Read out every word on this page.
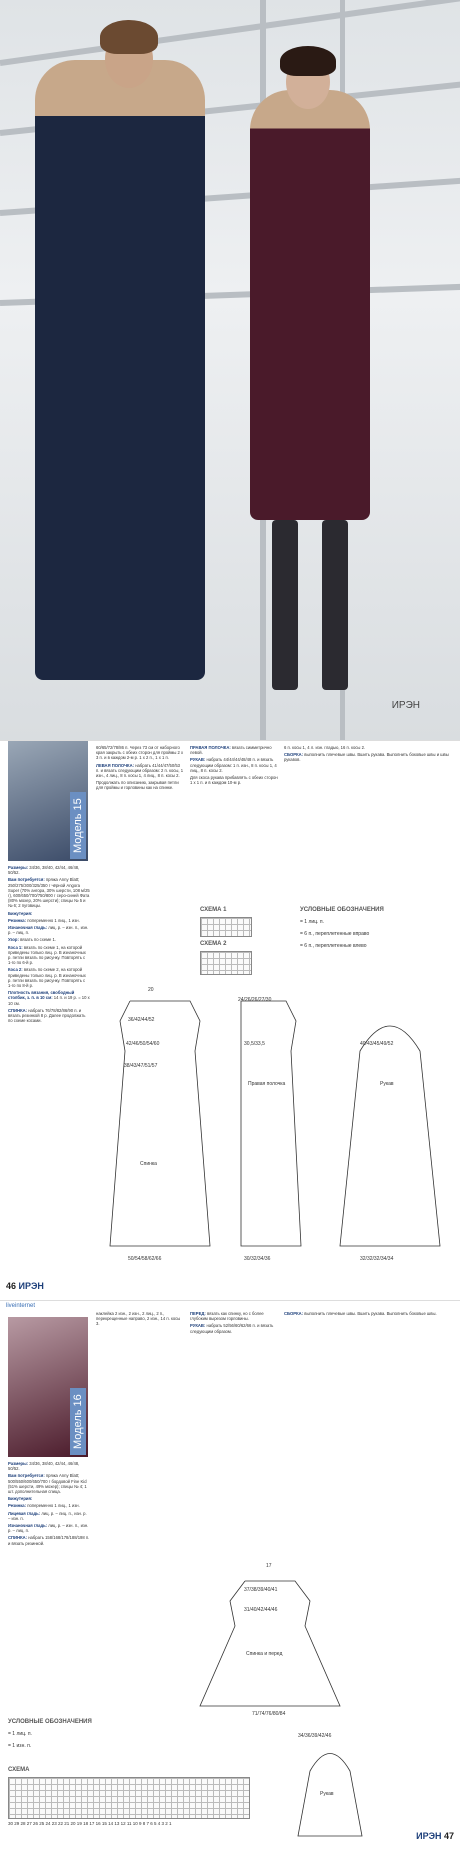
ИРЭН
Модель 15

Размеры: 34/36, 38/40, 42/44, 46/48, 50/52.

Вам потребуется: пряжа Anny Blatt; 250/275/300/325/350 г чёрной Angora Super (70% ангора, 30% шерсти, 108 м/25 г), 600/650/700/750/800 г серо-синей Фата (80% мохер, 20% шерсти); спицы № 5 и № 6; 2 пуговицы.

Бижутерия:

Резинка: попеременно 1 лиц., 1 изн.

Изнаночная гладь: лиц. р. – изн. п., изн. р. – лиц. п.

Узор: вязать по схеме 1.

Коса 1: вязать по схеме 1, на которой приведены только лиц. р. В изнаночных р. петли вязать по рисунку. Повторять с 1-го по 6-й р.

Коса 2: вязать по схеме 2, на которой приведены только лиц. р. В изнаночных р. петли вязать по рисунку. Повторять с 1-го по 8-й р.

Плотность вязания, свободный столбик, з. п. в 10 см: 14 п. и 19 р. = 10 х 10 см.

СПИНКА: набрать 76/78/82/86/90 п. и вязать резинкой 8 р. Далее продолжать по схеме косами.

60/65/72/78/86 п. Через 73 см от наборного края закрыть с обеих сторон для проймы 2 х 3 п. и в каждом 2-м р. 1 х 2 п., 1 х 1 п.

ЛЕВАЯ ПОЛОЧКА: набрать 41/44/47/50/53 п. и вязать следующим образом: 2 п. косы, 1 изн., 4 лиц., 8 п. косы 1, 4 лиц., 8 п. косы 2.

Продолжать по описанию, закрывая петли для проймы и горловины как на спинке.

ПРАВАЯ ПОЛОЧКА: вязать симметрично левой.

РУКАВ: набрать 44/44/44/48/48 п. и вязать следующим образом: 1 п. изн., 8 п. косы 1, 4 лиц., 8 п. косы 2.

Для скоса рукава прибавлять с обеих сторон 1 х 1 п. и в каждом 10-м р.

6 п. косы 1, 4 л. изн. гладью, 16 п. косы 2.

СБОРКА: выполнить плечевые швы. Вшить рукава. Выполнить боковые швы и швы рукавов.

СХЕМА 1
СХЕМА 2
УСЛОВНЫЕ ОБОЗНАЧЕНИЯ
= 1 лиц. п.
= 6 п., переплетенные вправо
= 6 п., переплетенные влево
Спинка
20
36/42/44/52
42/46/50/54/60
38/43/47/51/57
50/54/58/62/66
24/26/26/27/30
30,5/33,5
Правая полочка
30/32/34/36
40/43/45/49/52
Рукав
32/32/32/34/34
46 ИРЭН
Модель 16

Размеры: 34/36, 38/40, 42/44, 46/48, 50/52.

Вам потребуется: пряжа Anny Blatt; 500/550/600/650/700 г бордовой Fine Kid (51% шерсти, 49% мохер); спицы № 4; 1 шт. дополнительная спица.

Бижутерия:

Резинка: попеременно 1 лиц., 1 изн.

Лицевая гладь: лиц. р. – лиц. п., изн. р. – изн. п.

Изнаночная гладь: лиц. р. – изн. п., изн. р. – лиц. п.

СПИНКА: набрать 158/168/178/188/198 п. и вязать резинкой.

наклейка 2 изн., 2 изн., 2 лиц., 2 п., перекрещенные направо, 2 изн., 14 п. косы 3.

ПЕРЕД: вязать как спинку, но с более глубоким вырезом горловины.

РУКАВ: набрать 52/56/60/62/66 п. и вязать следующим образом.

СБОРКА: выполнить плечевые швы. Вшить рукава. Выполнить боковые швы.

17
37/38/39/40/41
31/40/42/44/46
Спинка и перед
71/74/76/80/84
УСЛОВНЫЕ ОБОЗНАЧЕНИЯ
= 1 лиц. п.
= 1 изн. п.
34/36/39/42/46
Рукав
СХЕМА
30 29 28 27 26 25 24 23 22 21 20 19 18 17 16 15 14 13 12 11 10 9 8 7 6 5 4 3 2 1
liveinternet
ИРЭН 47
